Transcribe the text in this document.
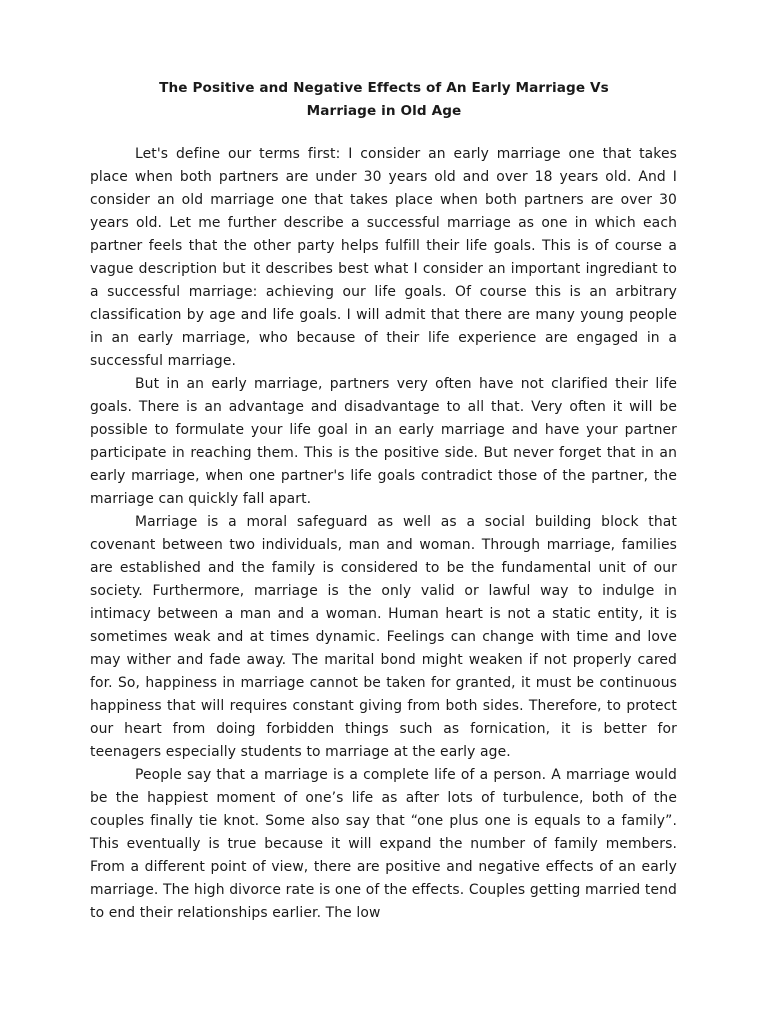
The Positive and Negative Effects of An Early Marriage Vs
Marriage in Old Age

Let's define our terms first: I consider an early marriage one that takes place when both partners are under 30 years old and over 18 years old. And I consider an old marriage one that takes place when both partners are over 30 years old. Let me further describe a successful marriage as one in which each partner feels that the other party helps fulfill their life goals. This is of course a vague description but it describes best what I consider an important ingrediant to a successful marriage: achieving our life goals. Of course this is an arbitrary classification by age and life goals. I will admit that there are many young people in an early marriage, who because of their life experience are engaged in a successful marriage.

But in an early marriage, partners very often have not clarified their life goals. There is an advantage and disadvantage to all that. Very often it will be possible to formulate your life goal in an early marriage and have your partner participate in reaching them. This is the positive side. But never forget that in an early marriage, when one partner's life goals contradict those of the partner, the marriage can quickly fall apart.

Marriage is a moral safeguard as well as a social building block that covenant between two individuals, man and woman. Through marriage, families are established and the family is considered to be the fundamental unit of our society. Furthermore, marriage is the only valid or lawful way to indulge in intimacy between a man and a woman. Human heart is not a static entity, it is sometimes weak and at times dynamic. Feelings can change with time and love may wither and fade away. The marital bond might weaken if not properly cared for. So, happiness in marriage cannot be taken for granted, it must be continuous happiness that will requires constant giving from both sides. Therefore, to protect our heart from doing forbidden things such as fornication, it is better for teenagers especially students to marriage at the early age.

People say that a marriage is a complete life of a person. A marriage would be the happiest moment of one’s life as after lots of turbulence, both of the couples finally tie knot. Some also say that “one plus one is equals to a family”. This eventually is true because it will expand the number of family members. From a different point of view, there are positive and negative effects of an early marriage. The high divorce rate is one of the effects. Couples getting married tend to end their relationships earlier. The low
